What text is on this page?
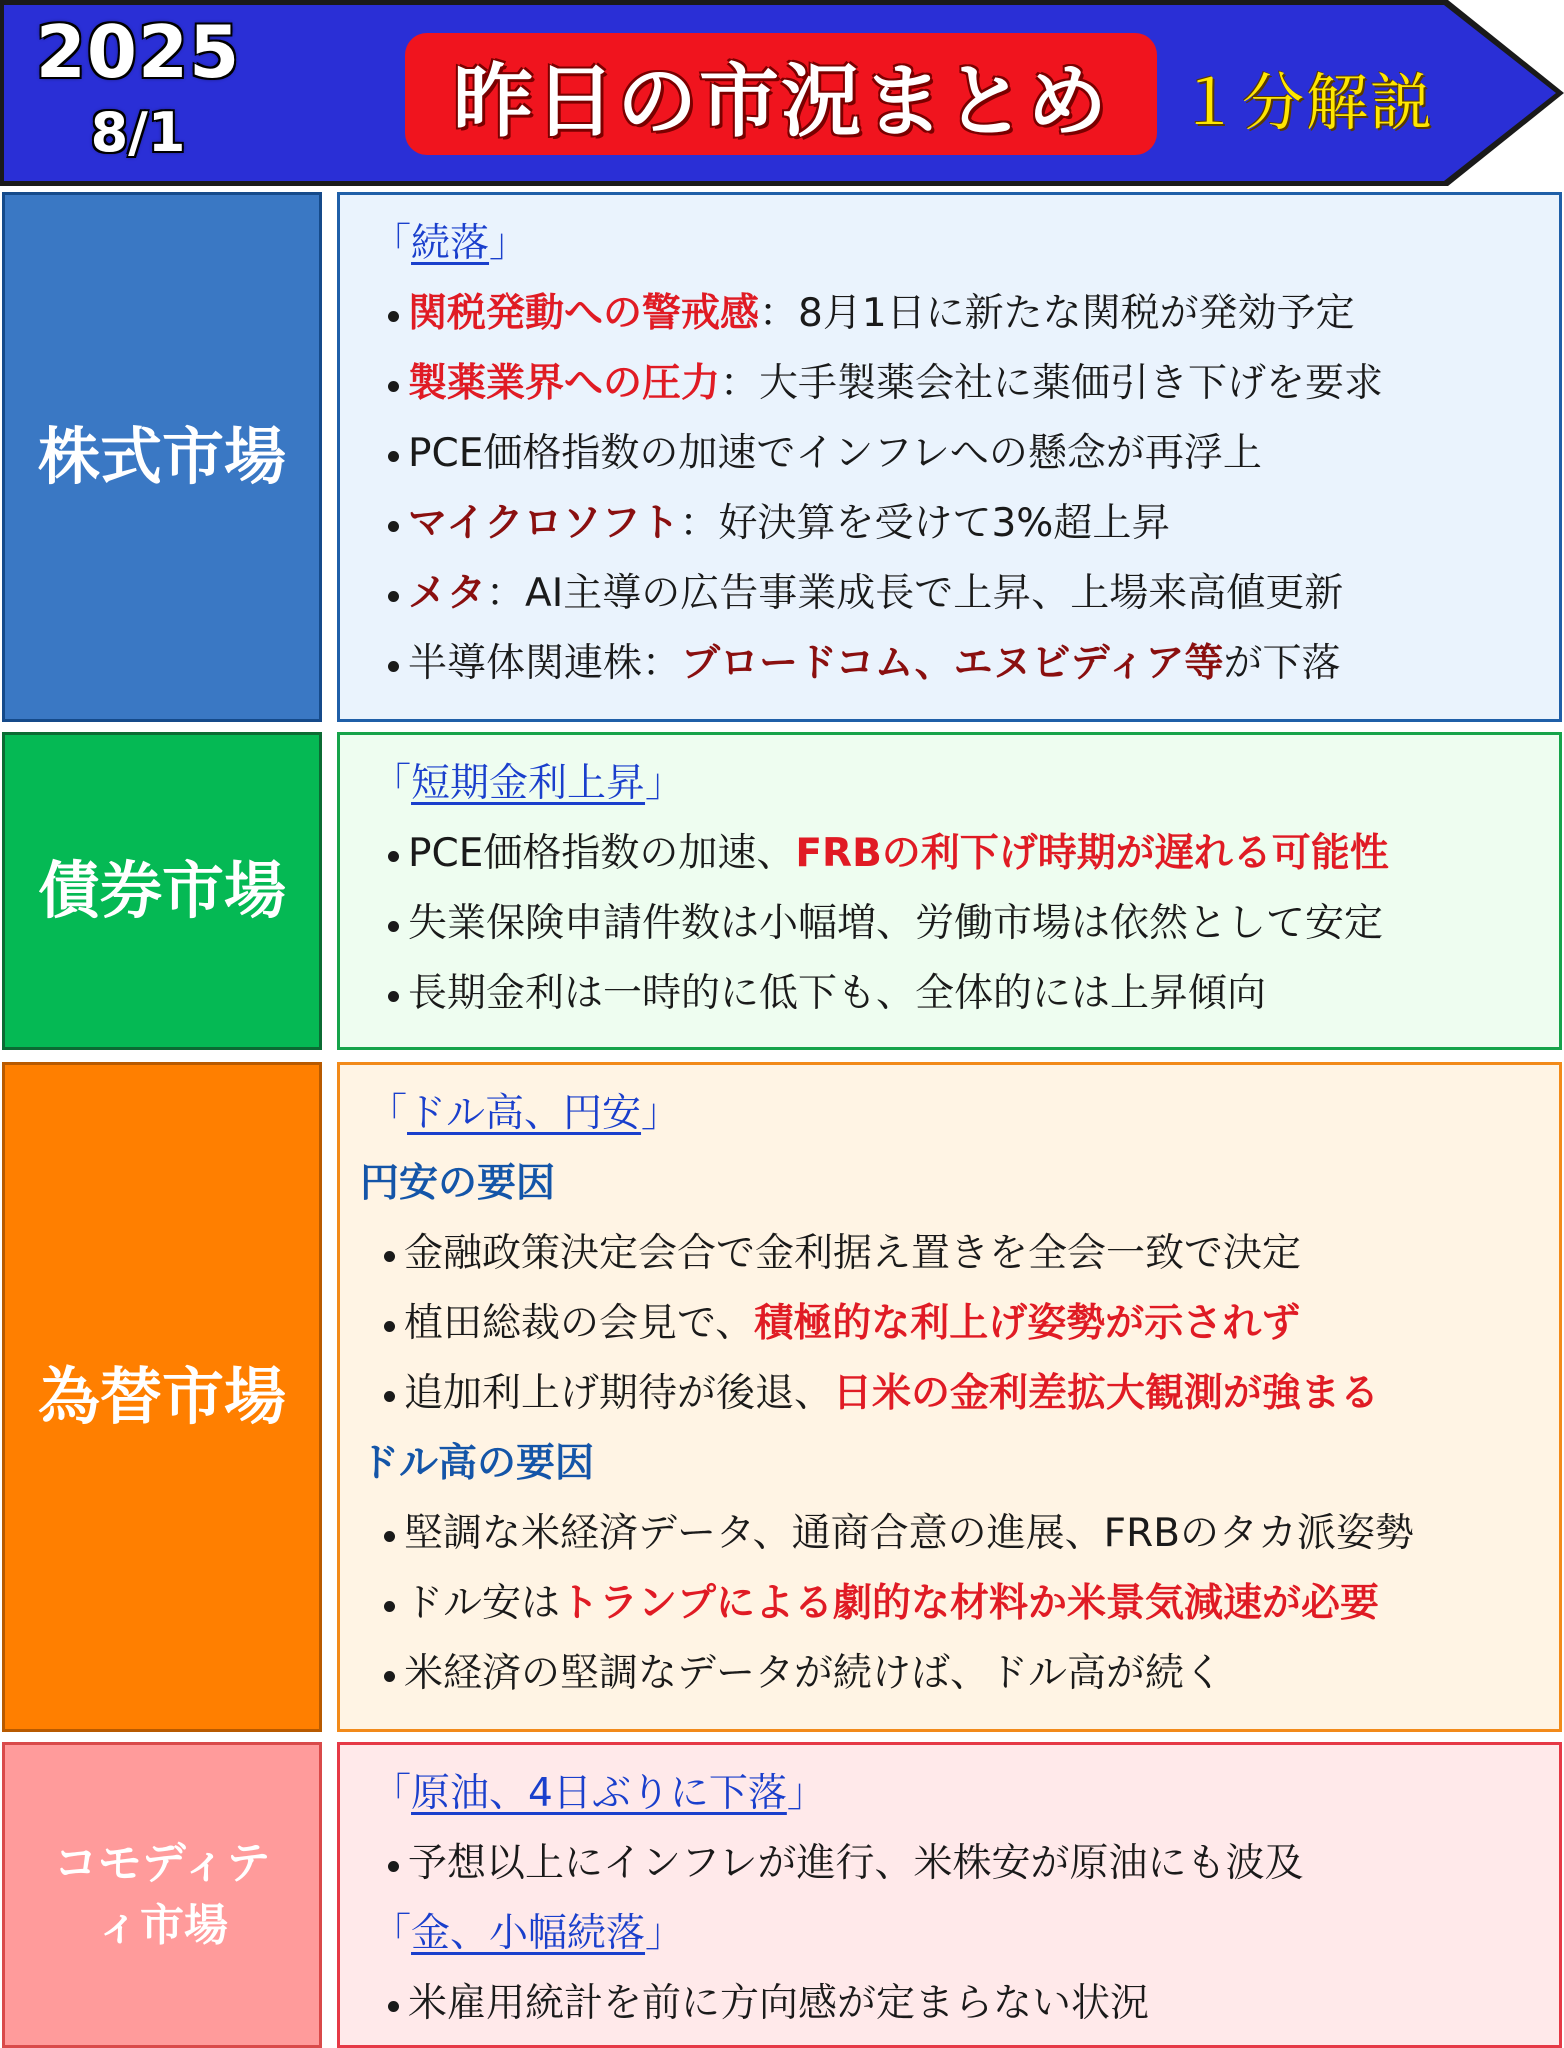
2025
8/1	昨日の市況まとめ	１分解説
株式市場
「続落」
関税発動への警戒感：8月1日に新たな関税が発効予定
製薬業界への圧力：大手製薬会社に薬価引き下げを要求
PCE価格指数の加速でインフレへの懸念が再浮上
マイクロソフト：好決算を受けて3%超上昇
メタ：AI主導の広告事業成長で上昇、上場来高値更新
半導体関連株：ブロードコム、エヌビディア等が下落
債券市場
「短期金利上昇」
PCE価格指数の加速、FRBの利下げ時期が遅れる可能性
失業保険申請件数は小幅増、労働市場は依然として安定
長期金利は一時的に低下も、全体的には上昇傾向
為替市場
「ドル高、円安」
円安の要因
金融政策決定会合で金利据え置きを全会一致で決定
植田総裁の会見で、積極的な利上げ姿勢が示されず
追加利上げ期待が後退、日米の金利差拡大観測が強まる
ドル高の要因
堅調な米経済データ、通商合意の進展、FRBのタカ派姿勢
ドル安はトランプによる劇的な材料か米景気減速が必要
米経済の堅調なデータが続けば、ドル高が続く
コモディテ
ィ市場
「原油、4日ぶりに下落」
予想以上にインフレが進行、米株安が原油にも波及
「金、小幅続落」
米雇用統計を前に方向感が定まらない状況
